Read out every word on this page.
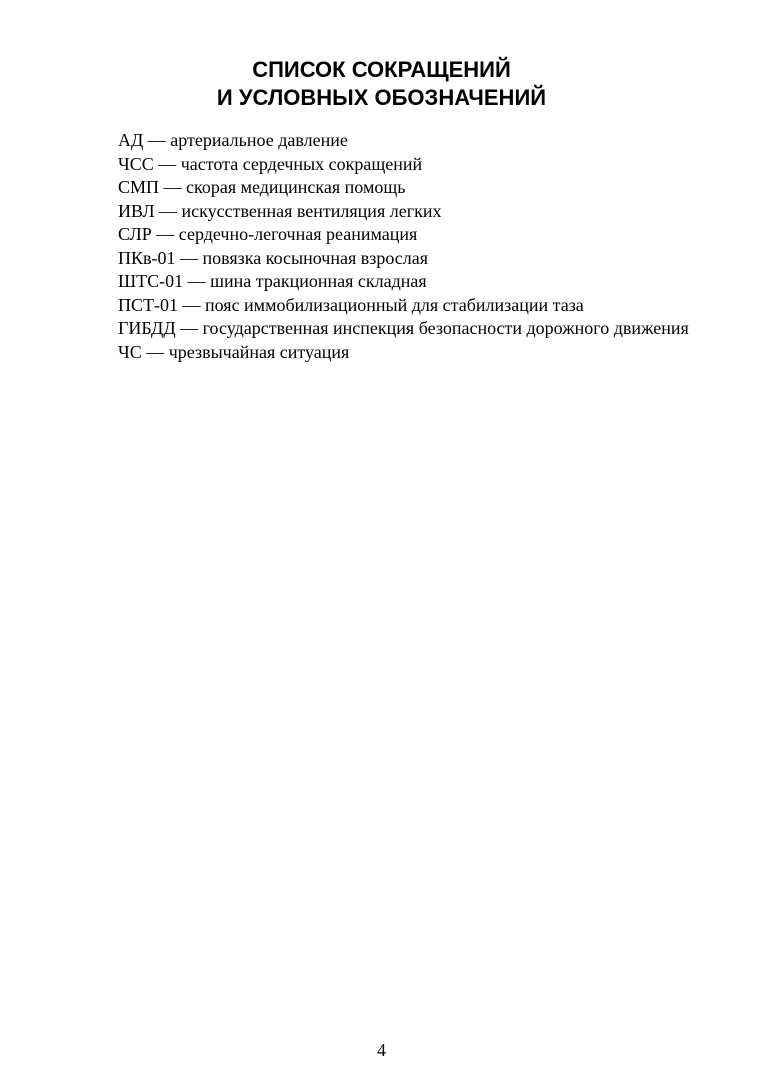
СПИСОК СОКРАЩЕНИЙ
И УСЛОВНЫХ ОБОЗНАЧЕНИЙ
АД — артериальное давление
ЧСС — частота сердечных сокращений
СМП — скорая медицинская помощь
ИВЛ — искусственная вентиляция легких
СЛР — сердечно-легочная реанимация
ПКв-01 — повязка косыночная взрослая
ШТС-01 — шина тракционная складная
ПСТ-01 — пояс иммобилизационный для стабилизации таза
ГИБДД — государственная инспекция безопасности дорожного движения
ЧС — чрезвычайная ситуация
4
